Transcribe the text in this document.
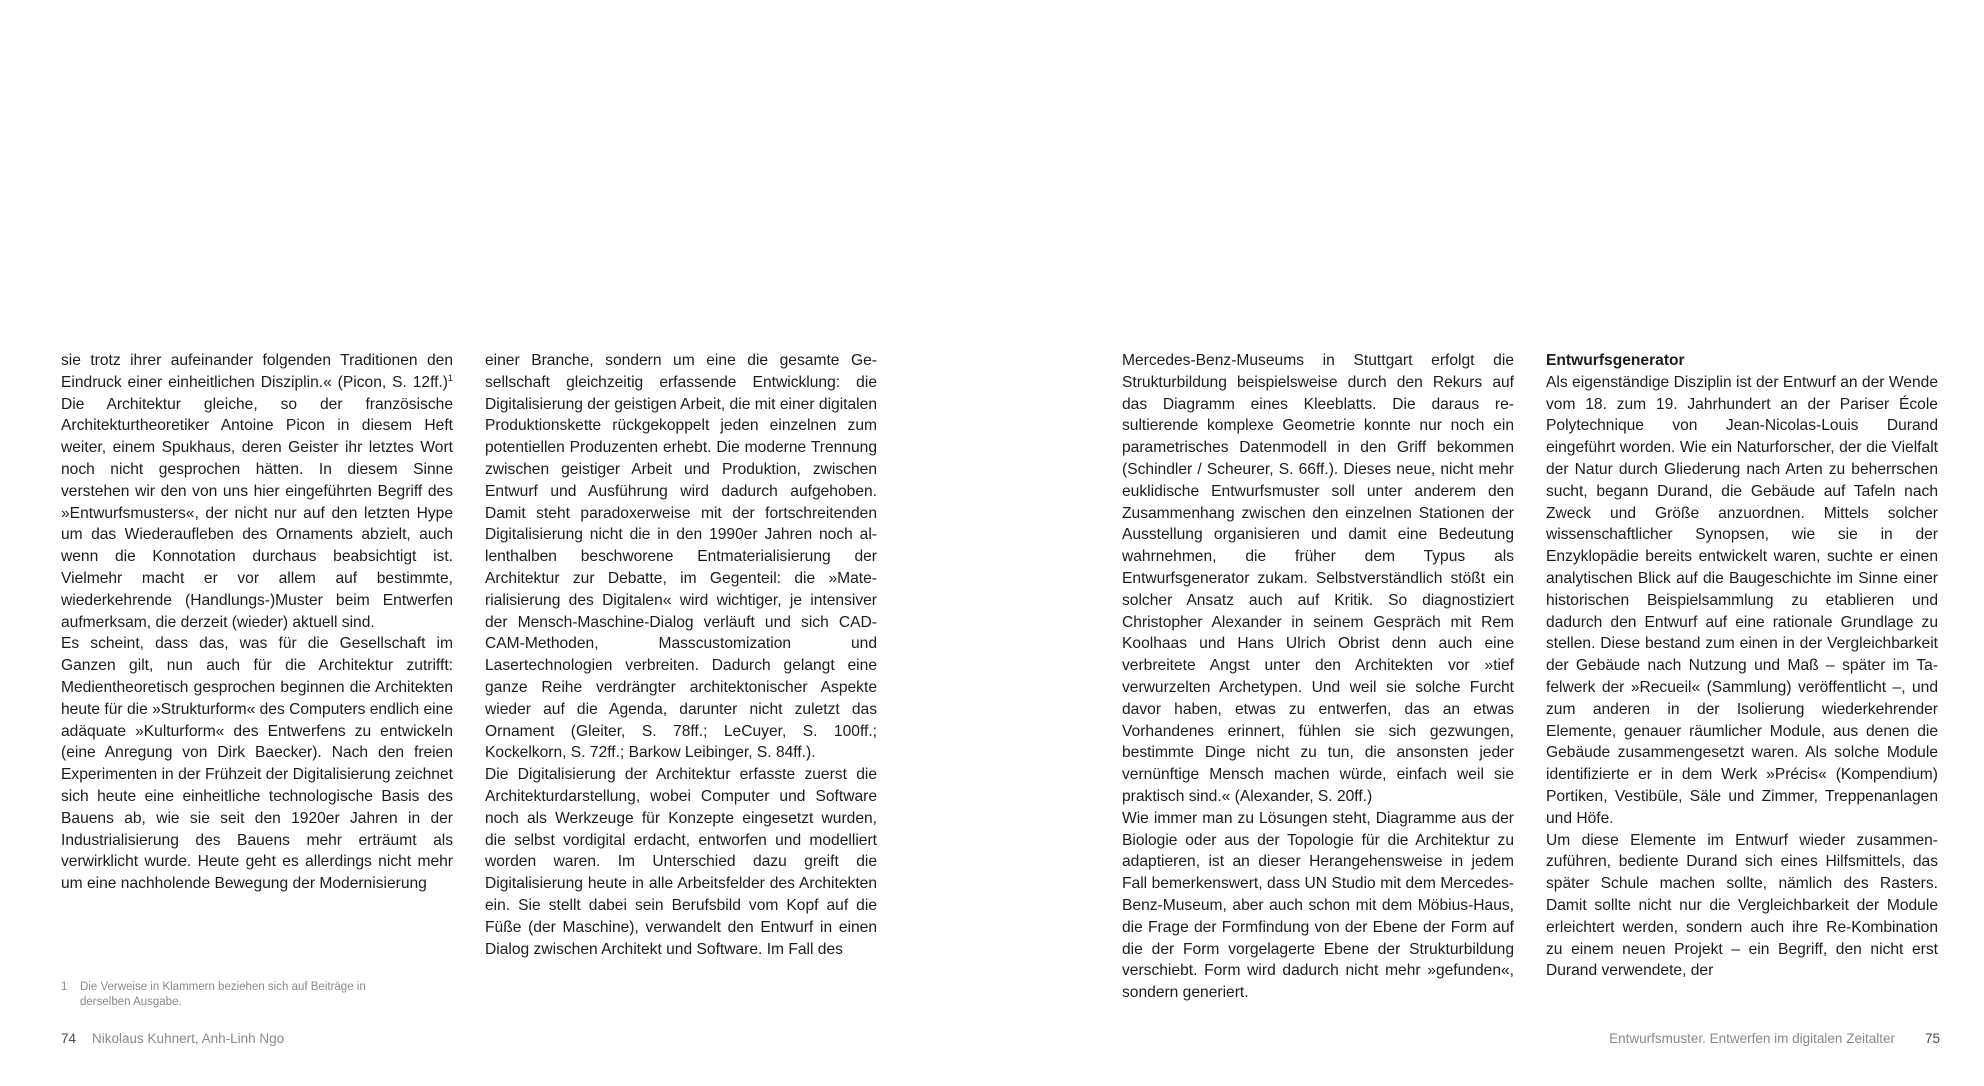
sie trotz ihrer aufeinander folgenden Traditionen den Eindruck einer einheitlichen Disziplin.« (Picon, S. 12ff.)$^1$ Die Architektur gleiche, so der französische Architekturtheoretiker Antoine Picon in diesem Heft weiter, einem Spukhaus, deren Geister ihr letztes Wort noch nicht gesprochen hätten. In diesem Sinne verstehen wir den von uns hier eingeführten Begriff des »Entwurfsmusters«, der nicht nur auf den letzten Hype um das Wiederaufleben des Ornaments abzielt, auch wenn die Konnotation durchaus beabsichtigt ist. Vielmehr macht er vor allem auf bestimmte, wiederkehrende (Handlungs-)Muster beim Entwerfen aufmerksam, die derzeit (wieder) aktuell sind.

Es scheint, dass das, was für die Gesellschaft im Ganzen gilt, nun auch für die Architektur zutrifft: Medientheoretisch gesprochen beginnen die Architekten heute für die »Strukturform« des Computers endlich eine adäquate »Kulturform« des Entwerfens zu entwickeln (eine Anregung von Dirk Baecker). Nach den freien Experimenten in der Frühzeit der Digitalisierung zeichnet sich heute eine einheitliche technologische Basis des Bauens ab, wie sie seit den 1920er Jahren in der Industrialisierung des Bauens mehr erträumt als verwirklicht wurde. Heute geht es allerdings nicht mehr um eine nachholende Bewegung der Modernisierung

einer Branche, sondern um eine die gesamte Gesellschaft gleichzeitig erfassende Entwicklung: die Digitalisierung der geistigen Arbeit, die mit einer digitalen Produktionskette rückgekoppelt jeden einzelnen zum potentiellen Produzenten erhebt. Die moderne Trennung zwischen geistiger Arbeit und Produktion, zwischen Entwurf und Ausführung wird dadurch aufgehoben. Damit steht paradoxerweise mit der fortschreitenden Digitalisierung nicht die in den 1990er Jahren noch allenthalben beschworene Entmaterialisierung der Architektur zur Debatte, im Gegenteil: die »Materialisierung des Digitalen« wird wichtiger, je intensiver der Mensch-Maschine-Dialog verläuft und sich CAD-CAM-Methoden, Masscustomization und Lasertechnologien verbreiten. Dadurch gelangt eine ganze Reihe verdrängter architektonischer Aspekte wieder auf die Agenda, darunter nicht zuletzt das Ornament (Gleiter, S. 78ff.; LeCuyer, S. 100ff.; Kockelkorn, S. 72ff.; Barkow Leibinger, S. 84ff.).

Die Digitalisierung der Architektur erfasste zuerst die Architekturdarstellung, wobei Computer und Software noch als Werkzeuge für Konzepte eingesetzt wurden, die selbst vordigital erdacht, entworfen und modelliert worden waren. Im Unterschied dazu greift die Digitalisierung heute in alle Arbeitsfelder des Architekten ein. Sie stellt dabei sein Berufsbild vom Kopf auf die Füße (der Maschine), verwandelt den Entwurf in einen Dialog zwischen Architekt und Software. Im Fall des

1 Die Verweise in Klammern beziehen sich auf Beiträge in derselben Ausgabe.
74 Nikolaus Kuhnert, Anh-Linh Ngo

Mercedes-Benz-Museums in Stuttgart erfolgt die Strukturbildung beispielsweise durch den Rekurs auf das Diagramm eines Kleeblatts. Die daraus resultierende komplexe Geometrie konnte nur noch ein parametrisches Datenmodell in den Griff bekommen (Schindler / Scheurer, S. 66ff.). Dieses neue, nicht mehr euklidische Entwurfsmuster soll unter anderem den Zusammenhang zwischen den einzelnen Stationen der Ausstellung organisieren und damit eine Bedeutung wahrnehmen, die früher dem Typus als Entwurfsgenerator zukam. Selbstverständlich stößt ein solcher Ansatz auch auf Kritik. So diagnostiziert Christopher Alexander in seinem Gespräch mit Rem Koolhaas und Hans Ulrich Obrist denn auch eine verbreitete Angst unter den Architekten vor »tief verwurzelten Archetypen. Und weil sie solche Furcht davor haben, etwas zu entwerfen, das an etwas Vorhandenes erinnert, fühlen sie sich gezwungen, bestimmte Dinge nicht zu tun, die ansonsten jeder vernünftige Mensch machen würde, einfach weil sie praktisch sind.« (Alexander, S. 20ff.)

Wie immer man zu Lösungen steht, Diagramme aus der Biologie oder aus der Topologie für die Architektur zu adaptieren, ist an dieser Herangehensweise in jedem Fall bemerkenswert, dass UN Studio mit dem Mercedes-Benz-Museum, aber auch schon mit dem Möbius-Haus, die Frage der Formfindung von der Ebene der Form auf die der Form vorgelagerte Ebene der Strukturbildung verschiebt. Form wird dadurch nicht mehr »gefunden«, sondern generiert.

Entwurfsgenerator

Als eigenständige Disziplin ist der Entwurf an der Wende vom 18. zum 19. Jahrhundert an der Pariser École Polytechnique von Jean-Nicolas-Louis Durand eingeführt worden. Wie ein Naturforscher, der die Vielfalt der Natur durch Gliederung nach Arten zu beherrschen sucht, begann Durand, die Gebäude auf Tafeln nach Zweck und Größe anzuordnen. Mittels solcher wissenschaftlicher Synopsen, wie sie in der Enzyklopädie bereits entwickelt waren, suchte er einen analytischen Blick auf die Baugeschichte im Sinne einer historischen Beispielsammlung zu etablieren und dadurch den Entwurf auf eine rationale Grundlage zu stellen. Diese bestand zum einen in der Vergleichbarkeit der Gebäude nach Nutzung und Maß – später im Tafelwerk der »Recueil« (Sammlung) veröffentlicht –, und zum anderen in der Isolierung wiederkehrender Elemente, genauer räumlicher Module, aus denen die Gebäude zusammengesetzt waren. Als solche Module identifizierte er in dem Werk »Précis« (Kompendium) Portiken, Vestibüle, Säle und Zimmer, Treppenanlagen und Höfe.

Um diese Elemente im Entwurf wieder zusammenzuführen, bediente Durand sich eines Hilfsmittels, das später Schule machen sollte, nämlich des Rasters. Damit sollte nicht nur die Vergleichbarkeit der Module erleichtert werden, sondern auch ihre Re-Kombination zu einem neuen Projekt – ein Begriff, den nicht erst Durand verwendete, der

Entwurfsmuster. Entwerfen im digitalen Zeitalter 75
